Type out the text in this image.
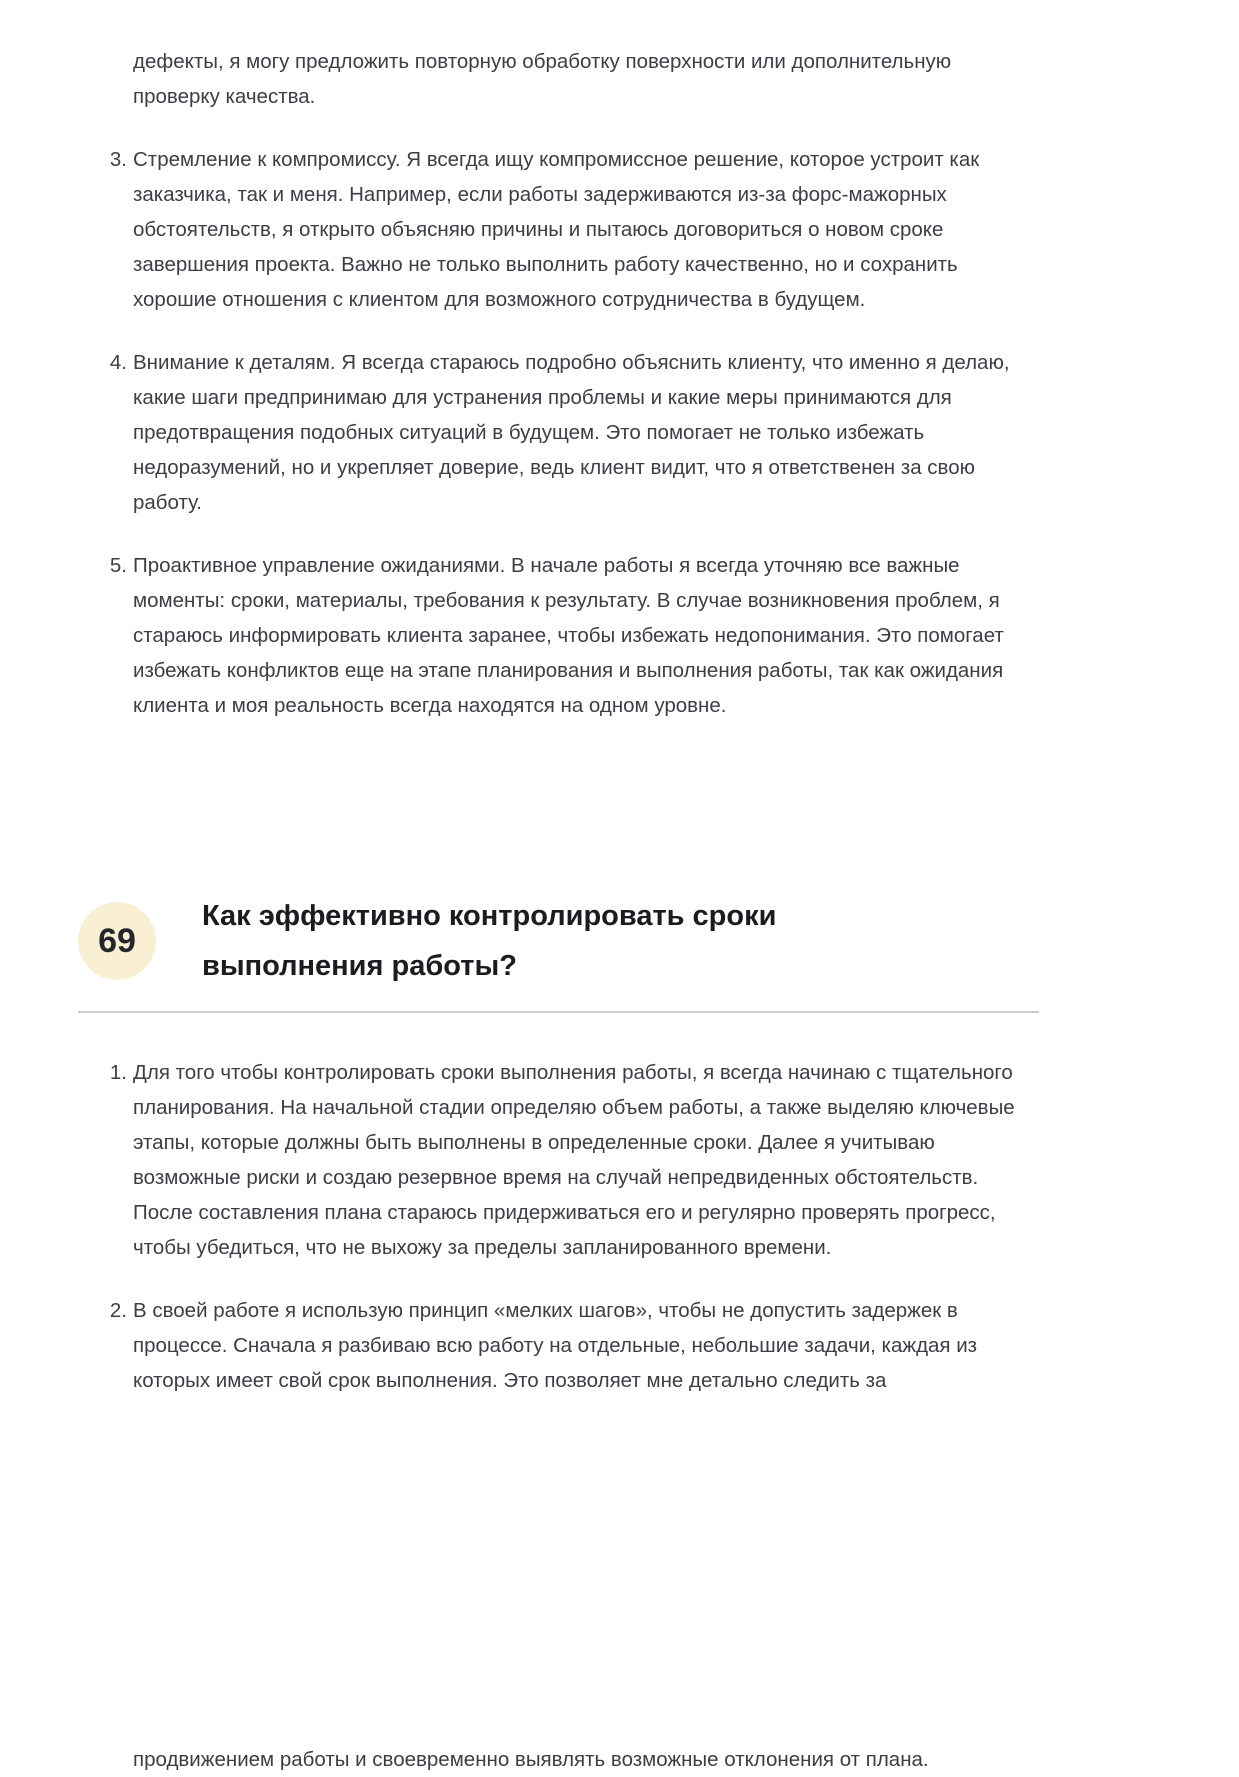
дефекты, я могу предложить повторную обработку поверхности или дополнительную проверку качества.

3. Стремление к компромиссу. Я всегда ищу компромиссное решение, которое устроит как заказчика, так и меня. Например, если работы задерживаются из-за форс-мажорных обстоятельств, я открыто объясняю причины и пытаюсь договориться о новом сроке завершения проекта. Важно не только выполнить работу качественно, но и сохранить хорошие отношения с клиентом для возможного сотрудничества в будущем.
4. Внимание к деталям. Я всегда стараюсь подробно объяснить клиенту, что именно я делаю, какие шаги предпринимаю для устранения проблемы и какие меры принимаются для предотвращения подобных ситуаций в будущем. Это помогает не только избежать недоразумений, но и укрепляет доверие, ведь клиент видит, что я ответственен за свою работу.
5. Проактивное управление ожиданиями. В начале работы я всегда уточняю все важные моменты: сроки, материалы, требования к результату. В случае возникновения проблем, я стараюсь информировать клиента заранее, чтобы избежать недопонимания. Это помогает избежать конфликтов еще на этапе планирования и выполнения работы, так как ожидания клиента и моя реальность всегда находятся на одном уровне.
69
Как эффективно контролировать сроки выполнения работы?
1. Для того чтобы контролировать сроки выполнения работы, я всегда начинаю с тщательного планирования. На начальной стадии определяю объем работы, а также выделяю ключевые этапы, которые должны быть выполнены в определенные сроки. Далее я учитываю возможные риски и создаю резервное время на случай непредвиденных обстоятельств. После составления плана стараюсь придерживаться его и регулярно проверять прогресс, чтобы убедиться, что не выхожу за пределы запланированного времени.
2. В своей работе я использую принцип «мелких шагов», чтобы не допустить задержек в процессе. Сначала я разбиваю всю работу на отдельные, небольшие задачи, каждая из которых имеет свой срок выполнения. Это позволяет мне детально следить за
продвижением работы и своевременно выявлять возможные отклонения от плана.
